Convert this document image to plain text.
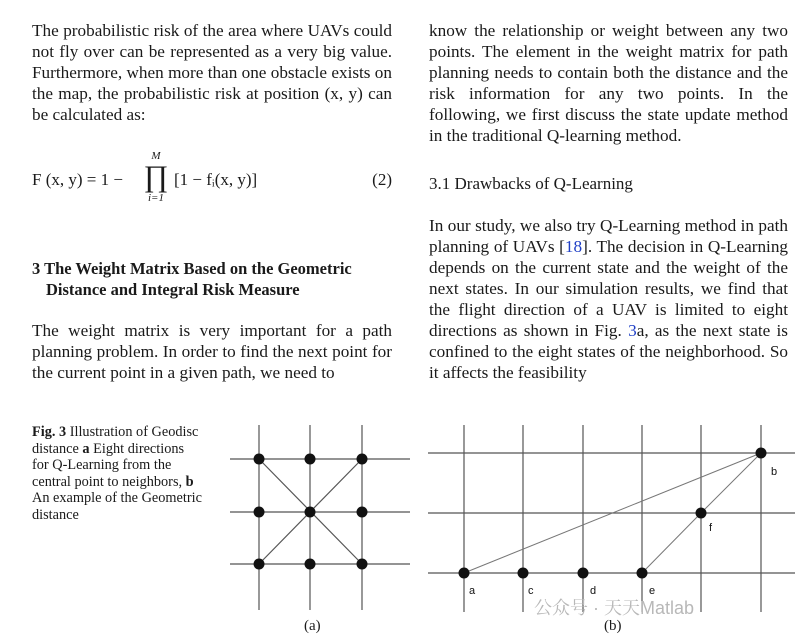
The probabilistic risk of the area where UAVs could not fly over can be represented as a very big value. Furthermore, when more than one obstacle exists on the map, the probabilistic risk at position (x, y) can be calculated as:

F (x, y) = 1 −
M
∏
i=1
[1 − fᵢ(x, y)]	(2)
3 The Weight Matrix Based on the Geometric
Distance and Integral Risk Measure

The weight matrix is very important for a path planning problem. In order to find the next point for the current point in a given path, we need to

know the relationship or weight between any two points. The element in the weight matrix for path planning needs to contain both the distance and the risk information for any two points. In the following, we first discuss the state update method in the traditional Q-learning method.

3.1 Drawbacks of Q-Learning

In our study, we also try Q-Learning method in path planning of UAVs [18]. The decision in Q-Learning depends on the current state and the weight of the next states. In our simulation results, we find that the flight direction of a UAV is limited to eight directions as shown in Fig. 3a, as the next state is confined to the eight states of the neighborhood. So it affects the feasibility

Fig. 3 Illustration of Geodisc distance a Eight directions for Q-Learning from the central point to neighbors, b An example of the Geometric distance
(a)
a	c	d	e
f
b
(b)
公众号 · 天天Matlab
